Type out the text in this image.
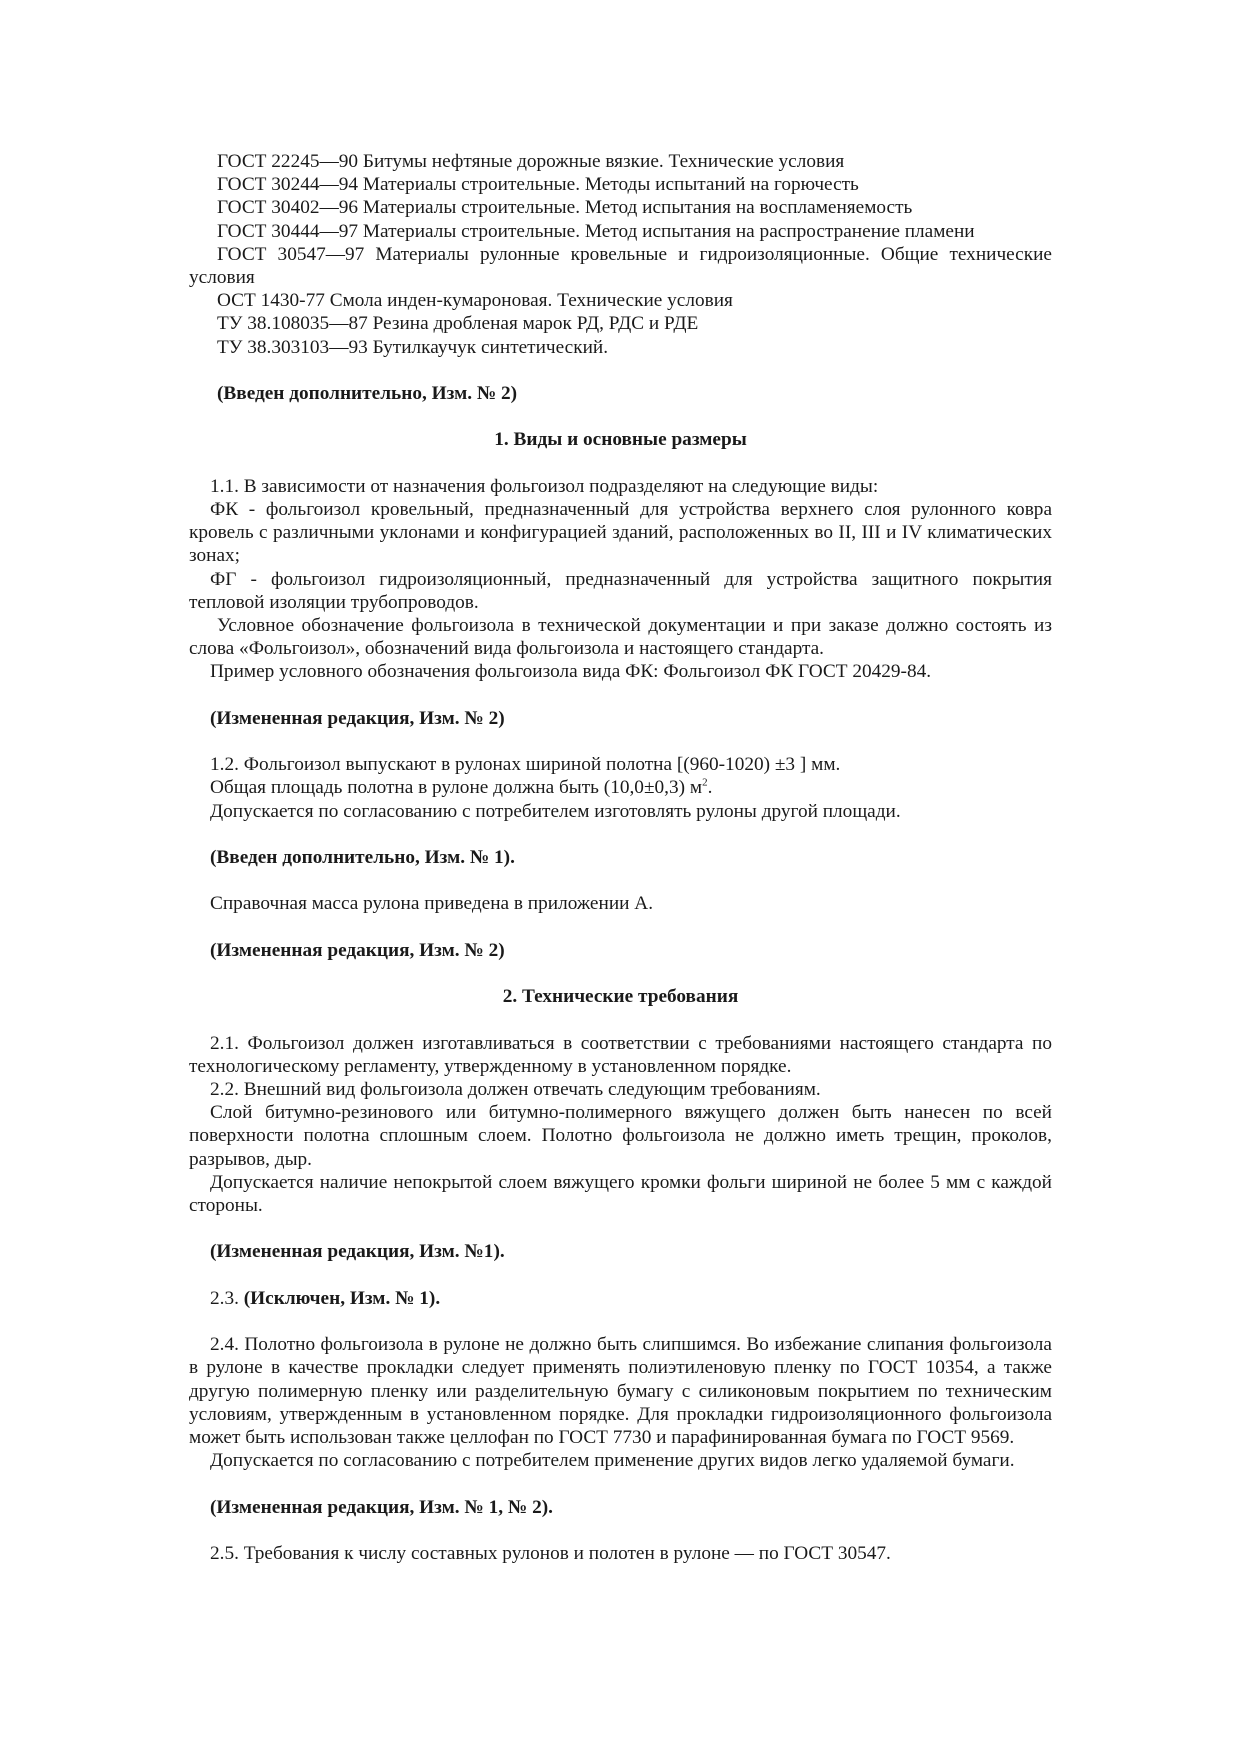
ГОСТ 22245—90 Битумы нефтяные дорожные вязкие. Технические условия

ГОСТ 30244—94 Материалы строительные. Методы испытаний на горючесть

ГОСТ 30402—96 Материалы строительные. Метод испытания на воспламеняемость

ГОСТ 30444—97 Материалы строительные. Метод испытания на распространение пламени

ГОСТ 30547—97 Материалы рулонные кровельные и гидроизоляционные. Общие технические условия

ОСТ 1430-77 Смола инден-кумароновая. Технические условия

ТУ 38.108035—87 Резина дробленая марок РД, РДС и РДЕ

ТУ 38.303103—93 Бутилкаучук синтетический.

(Введен дополнительно, Изм. № 2)

1. Виды и основные размеры

1.1. В зависимости от назначения фольгоизол подразделяют на следующие виды:

ФК - фольгоизол кровельный, предназначенный для устройства верхнего слоя рулонного ковра кровель с различными уклонами и конфигурацией зданий, расположенных во II, III и IV климатических зонах;

ФГ - фольгоизол гидроизоляционный, предназначенный для устройства защитного покрытия тепловой изоляции трубопроводов.

Условное обозначение фольгоизола в технической документации и при заказе должно состоять из слова «Фольгоизол», обозначений вида фольгоизола и настоящего стандарта.

Пример условного обозначения фольгоизола вида ФК: Фольгоизол ФК ГОСТ 20429-84.

(Измененная редакция, Изм. № 2)

1.2. Фольгоизол выпускают в рулонах шириной полотна [(960-1020) ±3 ] мм.

Общая площадь полотна в рулоне должна быть (10,0±0,3) $м^2$.

Допускается по согласованию с потребителем изготовлять рулоны другой площади.

(Введен дополнительно, Изм. № 1).

Справочная масса рулона приведена в приложении А.

(Измененная редакция, Изм. № 2)

2. Технические требования

2.1. Фольгоизол должен изготавливаться в соответствии с требованиями настоящего стандарта по технологическому регламенту, утвержденному в установленном порядке.

2.2. Внешний вид фольгоизола должен отвечать следующим требованиям.

Слой битумно-резинового или битумно-полимерного вяжущего должен быть нанесен по всей поверхности полотна сплошным слоем. Полотно фольгоизола не должно иметь трещин, проколов, разрывов, дыр.

Допускается наличие непокрытой слоем вяжущего кромки фольги шириной не более 5 мм с каждой стороны.

(Измененная редакция, Изм. №1).

2.3. (Исключен, Изм. № 1).

2.4. Полотно фольгоизола в рулоне не должно быть слипшимся. Во избежание слипания фольгоизола в рулоне в качестве прокладки следует применять полиэтиленовую пленку по ГОСТ 10354, а также другую полимерную пленку или разделительную бумагу с силиконовым покрытием по техническим условиям, утвержденным в установленном порядке. Для прокладки гидроизоляционного фольгоизола может быть использован также целлофан по ГОСТ 7730 и парафинированная бумага по ГОСТ 9569.

Допускается по согласованию с потребителем применение других видов легко удаляемой бумаги.

(Измененная редакция, Изм. № 1, № 2).

2.5. Требования к числу составных рулонов и полотен в рулоне — по ГОСТ 30547.
